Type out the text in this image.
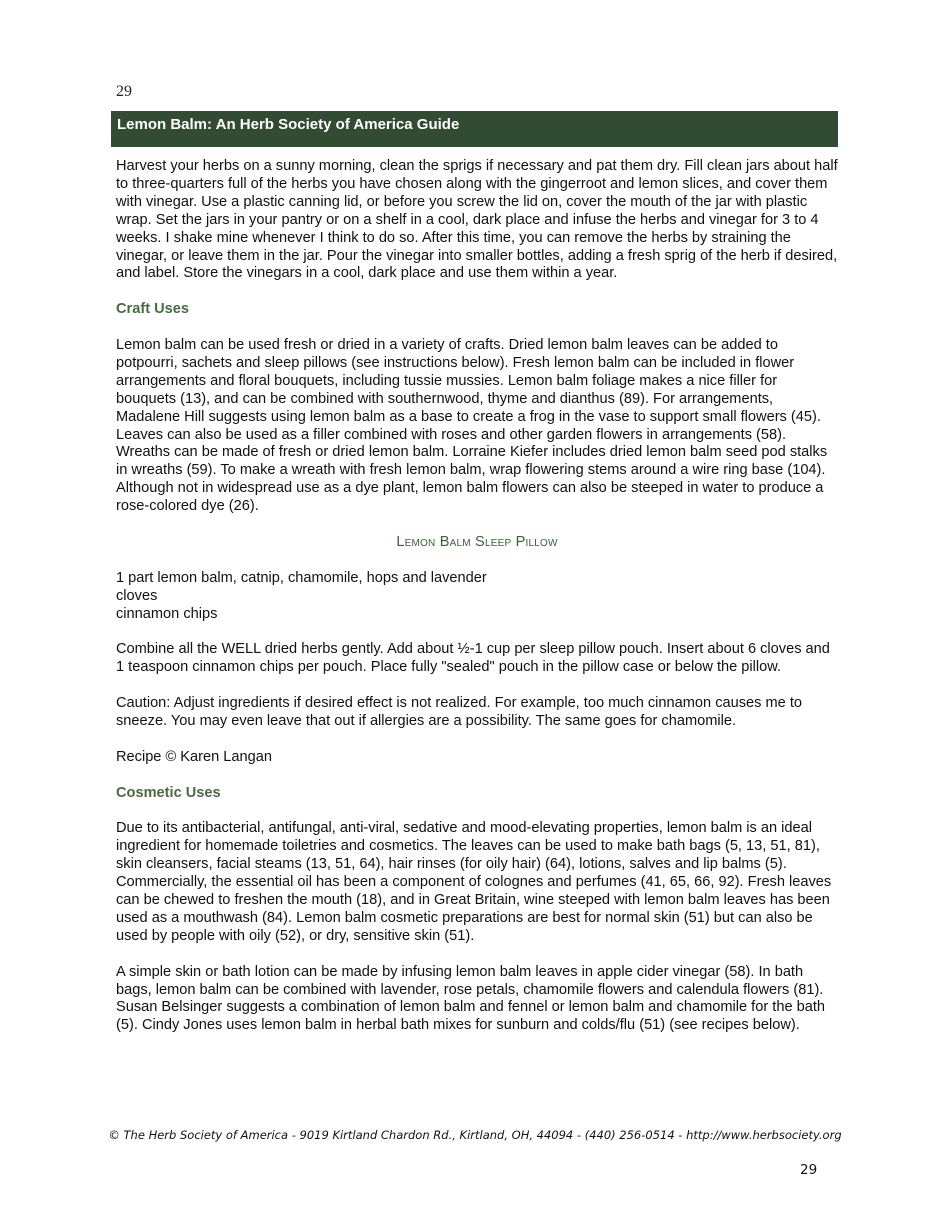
29
Lemon Balm: An Herb Society of America Guide

Harvest your herbs on a sunny morning, clean the sprigs if necessary and pat them dry. Fill clean jars about half to three-quarters full of the herbs you have chosen along with the gingerroot and lemon slices, and cover them with vinegar. Use a plastic canning lid, or before you screw the lid on, cover the mouth of the jar with plastic wrap. Set the jars in your pantry or on a shelf in a cool, dark place and infuse the herbs and vinegar for 3 to 4 weeks. I shake mine whenever I think to do so. After this time, you can remove the herbs by straining the vinegar, or leave them in the jar. Pour the vinegar into smaller bottles, adding a fresh sprig of the herb if desired, and label. Store the vinegars in a cool, dark place and use them within a year.

Craft Uses

Lemon balm can be used fresh or dried in a variety of crafts. Dried lemon balm leaves can be added to potpourri, sachets and sleep pillows (see instructions below). Fresh lemon balm can be included in flower arrangements and floral bouquets, including tussie mussies. Lemon balm foliage makes a nice filler for bouquets (13), and can be combined with southernwood, thyme and dianthus (89). For arrangements, Madalene Hill suggests using lemon balm as a base to create a frog in the vase to support small flowers (45). Leaves can also be used as a filler combined with roses and other garden flowers in arrangements (58). Wreaths can be made of fresh or dried lemon balm. Lorraine Kiefer includes dried lemon balm seed pod stalks in wreaths (59). To make a wreath with fresh lemon balm, wrap flowering stems around a wire ring base (104). Although not in widespread use as a dye plant, lemon balm flowers can also be steeped in water to produce a rose-colored dye (26).

Lemon Balm Sleep Pillow
1 part lemon balm, catnip, chamomile, hops and lavender
cloves
cinnamon chips

Combine all the WELL dried herbs gently. Add about ½-1 cup per sleep pillow pouch. Insert about 6 cloves and 1 teaspoon cinnamon chips per pouch. Place fully "sealed" pouch in the pillow case or below the pillow.

Caution: Adjust ingredients if desired effect is not realized. For example, too much cinnamon causes me to sneeze. You may even leave that out if allergies are a possibility. The same goes for chamomile.

Recipe © Karen Langan

Cosmetic Uses

Due to its antibacterial, antifungal, anti-viral, sedative and mood-elevating properties, lemon balm is an ideal ingredient for homemade toiletries and cosmetics. The leaves can be used to make bath bags (5, 13, 51, 81), skin cleansers, facial steams (13, 51, 64), hair rinses (for oily hair) (64), lotions, salves and lip balms (5). Commercially, the essential oil has been a component of colognes and perfumes (41, 65, 66, 92). Fresh leaves can be chewed to freshen the mouth (18), and in Great Britain, wine steeped with lemon balm leaves has been used as a mouthwash (84). Lemon balm cosmetic preparations are best for normal skin (51) but can also be used by people with oily (52), or dry, sensitive skin (51).

A simple skin or bath lotion can be made by infusing lemon balm leaves in apple cider vinegar (58). In bath bags, lemon balm can be combined with lavender, rose petals, chamomile flowers and calendula flowers (81). Susan Belsinger suggests a combination of lemon balm and fennel or lemon balm and chamomile for the bath (5). Cindy Jones uses lemon balm in herbal bath mixes for sunburn and colds/flu (51) (see recipes below).

© The Herb Society of America - 9019 Kirtland Chardon Rd., Kirtland, OH, 44094 - (440) 256-0514 - http://www.herbsociety.org
29
